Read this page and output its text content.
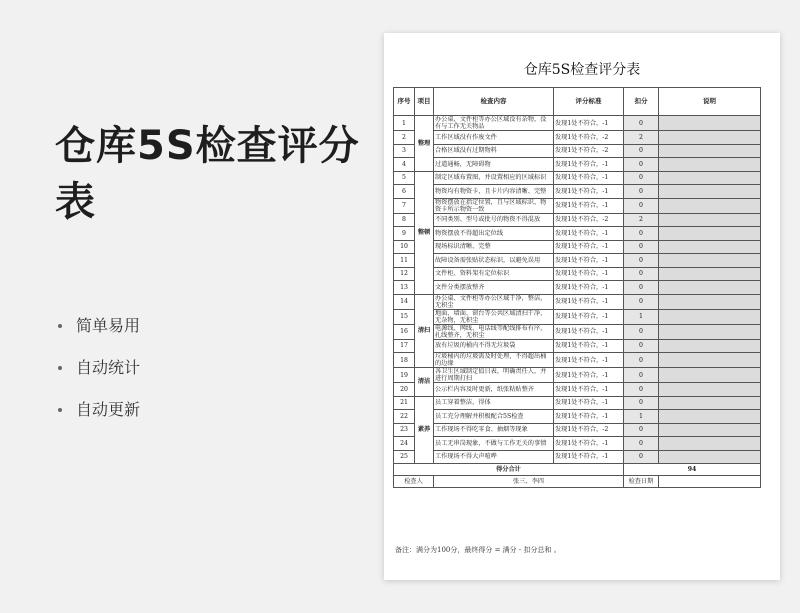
仓库5S检查评分表
简单易用
自动统计
自动更新
仓库5S检查评分表
序号	项目	检查内容	评分标准	扣分	说明
1	整理	办公桌、文件柜等办公区域没有杂物，没有与工作无关物品	发现1处不符合，-1	0	
2		工作区域没有作废文件	发现1处不符合，-2	2	
3		合格区域没有过期物料	发现1处不符合，-2	0	
4		过道通畅，无障碍物	发现1处不符合，-1	0	
5	整顿	制定区域布置图，并设置相应的区域标识	发现1处不符合，-1	0	
6		物资均有物资卡，且卡片内容清晰、完整	发现1处不符合，-1	0	
7		物资摆放在指定位置，且与区域标识、物资卡所示物资一致	发现1处不符合，-1	0	
8		不同类别、型号或批号的物资不得混放	发现1处不符合，-2	2	
9		物资摆放不得超出定位线	发现1处不符合，-1	0	
10		现场标识清晰、完整	发现1处不符合，-1	0	
11		故障设备需张贴状态标识，以避免误用	发现1处不符合，-1	0	
12		文件柜、资料架有定位标识	发现1处不符合，-1	0	
13		文件分类摆放整齐	发现1处不符合，-1	0	
14	清扫	办公桌、文件柜等办公区域干净，整洁，无积尘	发现1处不符合，-1	0	
15		地面、墙面、窗台等公共区域清扫干净，无杂物，无积尘	发现1处不符合，-1	1	
16		电源线、网线、电话线等配线排布有序，扎线整齐，无积尘	发现1处不符合，-1	0	
17		放有垃圾的桶内不得无垃圾袋	发现1处不符合，-1	0	
18		垃圾桶内的垃圾需及时处理，不得超出桶的边缘	发现1处不符合，-1	0	
19	清洁	各卫生区域制定值日表，明确责任人，并进行周期打扫	发现1处不符合，-1	0	
20		公示栏内容及时更新，纸张粘贴整齐	发现1处不符合，-1	0	
21	素养	员工穿着整洁、得体	发现1处不符合，-1	0	
22		员工充分理解并积极配合5S检查	发现1处不符合，-1	1	
23		工作现场不得吃零食、抽烟等现象	发现1处不符合，-2	0	
24		员工无串岗现象，不做与工作无关的事情	发现1处不符合，-1	0	
25		工作现场不得大声喧哗	发现1处不符合，-1	0	
得分合计				94	
检查人		张三、李四		检查日期	
备注：满分为100分，最终得分 = 满分 - 扣分总和 。
